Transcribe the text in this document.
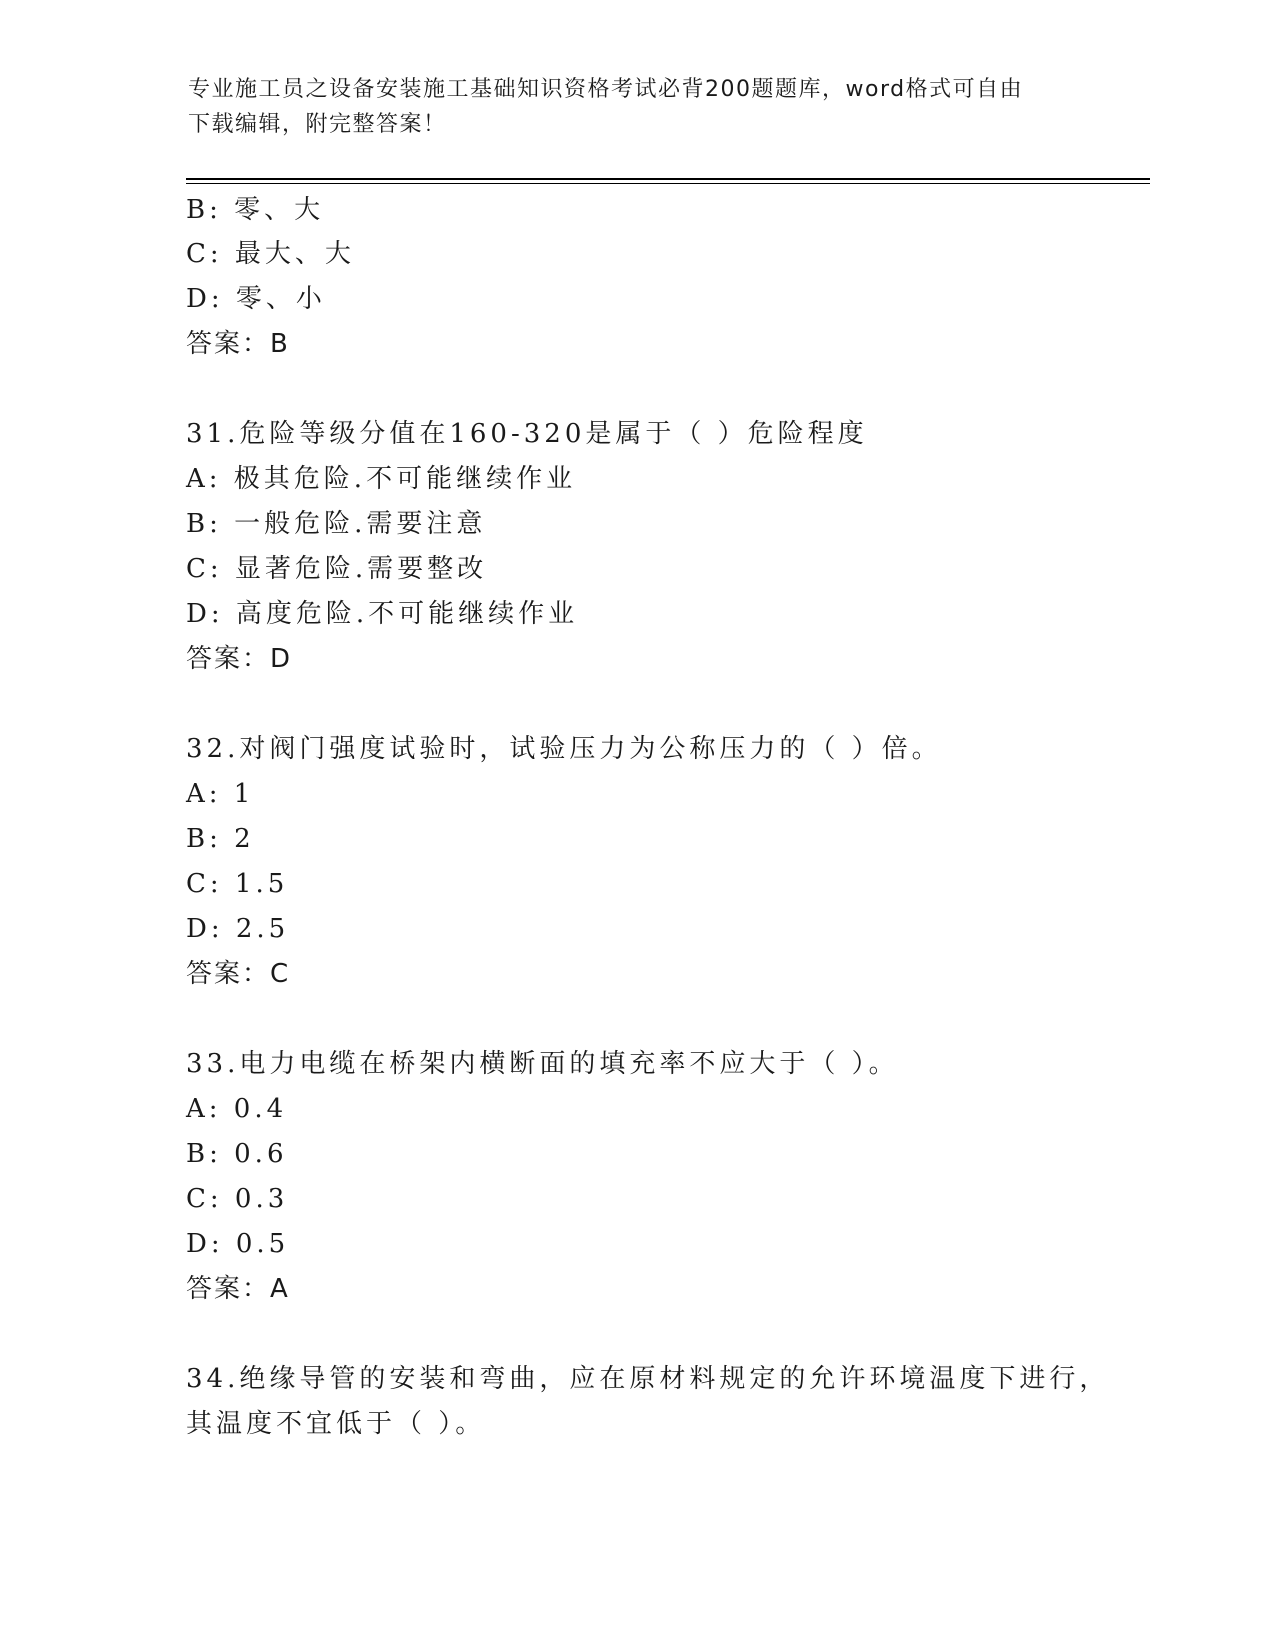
专业施工员之设备安装施工基础知识资格考试必背200题题库，word格式可自由
下载编辑，附完整答案！
B: 零、大
C: 最大、大
D: 零、小
答案：B
31.危险等级分值在160-320是属于（ ）危险程度
A: 极其危险.不可能继续作业
B: 一般危险.需要注意
C: 显著危险.需要整改
D: 高度危险.不可能继续作业
答案：D
32.对阀门强度试验时，试验压力为公称压力的（ ）倍。
A: 1
B: 2
C: 1.5
D: 2.5
答案：C
33.电力电缆在桥架内横断面的填充率不应大于（ ）。
A: 0.4
B: 0.6
C: 0.3
D: 0.5
答案：A
34.绝缘导管的安装和弯曲，应在原材料规定的允许环境温度下进行，
其温度不宜低于（ ）。
